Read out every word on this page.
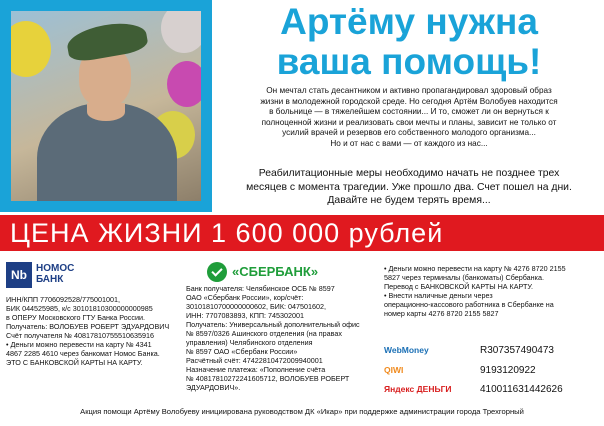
Артёму нужна
ваша помощь!
Он мечтал стать десантником и активно пропагандировал здоровый образ
жизни в молодежной городской среде. Но сегодня Артём Волобуев находится
в больнице — в тяжелейшем состоянии... И то, сможет ли он вернуться к
полноценной жизни и реализовать свои мечты и планы, зависит не только от
усилий врачей и резервов его собственного молодого организма...
Но и от нас с вами — от каждого из нас...
Реабилитационные меры необходимо начать не позднее трех
месяцев с момента трагедии. Уже прошло два. Счет пошел на дни.
Давайте не будем терять время...
ЦЕНА ЖИЗНИ 1 600 000 рублей
Nb НОМОС
БАНК
ИНН/КПП 7706092528/775001001,
БИК 044525985, к/с 30101810300000000985
в ОПЕРУ Московского ГТУ Банка России.
Получатель: ВОЛОБУЕВ РОБЕРТ ЭДУАРДОВИЧ
Счёт получателя № 40817810755510635916
• Деньги можно перевести на карту № 4341
4867 2285 4610 через банкомат Номос Банка.
ЭТО С БАНКОВСКОЙ КАРТЫ НА КАРТУ.
«СБЕРБАНК»
Банк получателя: Челябинское ОСБ № 8597
ОАО «Сбербанк России», кор/счёт:
30101810700000000602, БИК: 047501602,
ИНН: 7707083893, КПП: 745302001
Получатель: Универсальный дополнительный офис
№ 8597/0326 Ашинского отделения (на правах
управления) Челябинского отделения
№ 8597 ОАО «Сбербанк России»
Расчётный счёт: 47422810472009940001
Назначение платежа: «Пополнение счёта
№ 40817810272241605712, ВОЛОБУЕВ РОБЕРТ
ЭДУАРДОВИЧ».
• Деньги можно перевести на карту № 4276 8720 2155
5827 через терминалы (банкоматы) Сбербанка.
Перевод с БАНКОВСКОЙ КАРТЫ НА КАРТУ.
• Внести наличные деньги через
операционно-кассового работника в Сбербанке на
номер карты 4276 8720 2155 5827
WebMoney	R307357490473
QIWI	9193120922
Яндекс ДЕНЬГИ	410011631442626
Акция помощи Артёму Волобуеву инициирована руководством ДК «Икар» при поддержке администрации города Трехгорный
